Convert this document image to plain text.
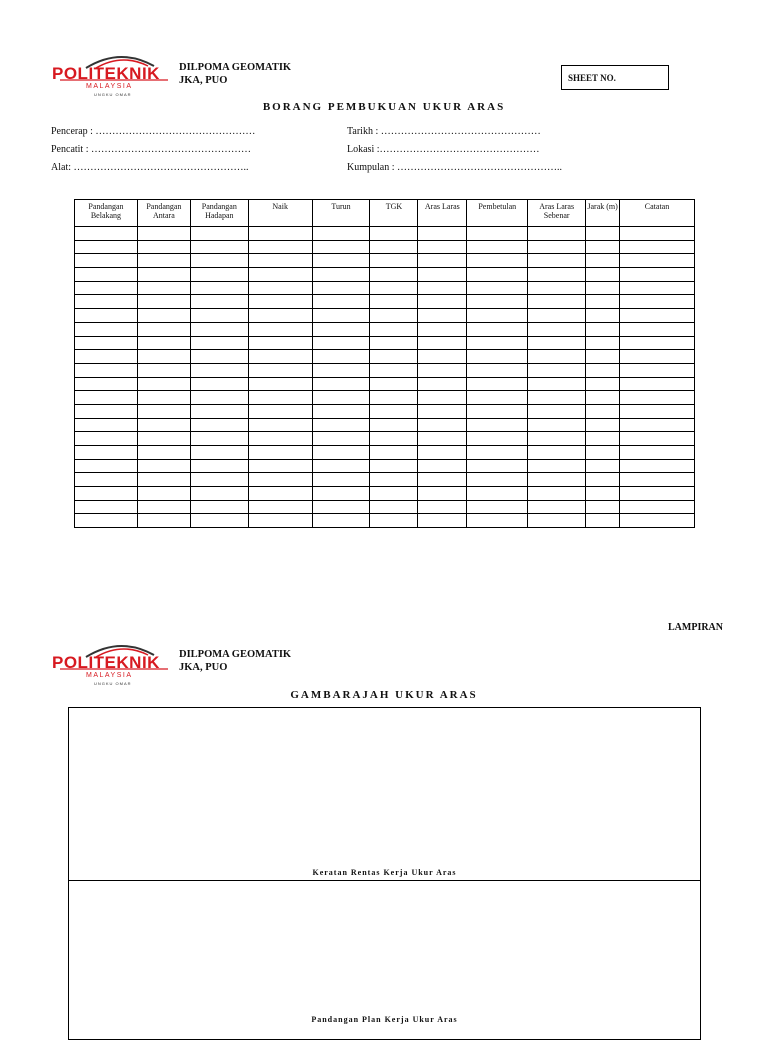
POLITEKNIK
MALAYSIA
UNGKU OMAR
DILPOMA GEOMATIK
JKA, PUO	SHEET NO.
BORANG PEMBUKUAN UKUR ARAS
Pencerap : …………………………………………
Pencatit : …………………………………………
Alat: ……………………………………………..
Tarikh : …………………………………………
Lokasi :…………………………………………
Kumpulan : …………………………………………..
Pandangan Belakang	Pandangan Antara	Pandangan Hadapan	Naik	Turun	TGK	Aras Laras	Pembetulan	Aras Laras Sebenar	Jarak (m)	Catatan

LAMPIRAN
POLITEKNIK
MALAYSIA
UNGKU OMAR
DILPOMA GEOMATIK
JKA, PUO
GAMBARAJAH UKUR ARAS
Keratan Rentas Kerja Ukur Aras
Pandangan Plan Kerja Ukur Aras
